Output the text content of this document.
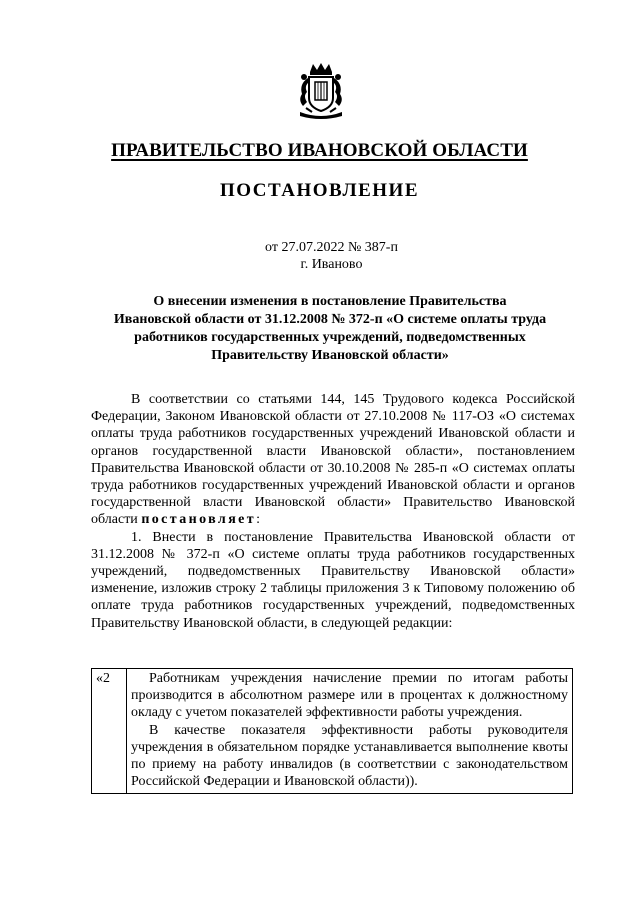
ПРАВИТЕЛЬСТВО ИВАНОВСКОЙ ОБЛАСТИ
ПОСТАНОВЛЕНИЕ
от 27.07.2022 № 387-п
г. Иваново
О внесении изменения в постановление Правительства
Ивановской области от 31.12.2008 № 372-п «О системе оплаты труда
работников государственных учреждений, подведомственных
Правительству Ивановской области»

В соответствии со статьями 144, 145 Трудового кодекса Российской Федерации, Законом Ивановской области от 27.10.2008 № 117-ОЗ «О системах оплаты труда работников государственных учреждений Ивановской области и органов государственной власти Ивановской области», постановлением Правительства Ивановской области от 30.10.2008 № 285-п «О системах оплаты труда работников государственных учреждений Ивановской области и органов государственной власти Ивановской области» Правительство Ивановской области постановляет:

1. Внести в постановление Правительства Ивановской области от 31.12.2008 № 372-п «О системе оплаты труда работников государственных учреждений, подведомственных Правительству Ивановской области» изменение, изложив строку 2 таблицы приложения 3 к Типовому положению об оплате труда работников государственных учреждений, подведомственных Правительству Ивановской области, в следующей редакции:

«2	Работникам учреждения начисление премии по итогам работы производится в абсолютном размере или в процентах к должностному окладу с учетом показателей эффективности работы учреждения.

В качестве показателя эффективности работы руководителя учреждения в обязательном порядке устанавливается выполнение квоты по приему на работу инвалидов (в соответствии с законодательством Российской Федерации и Ивановской области)).
